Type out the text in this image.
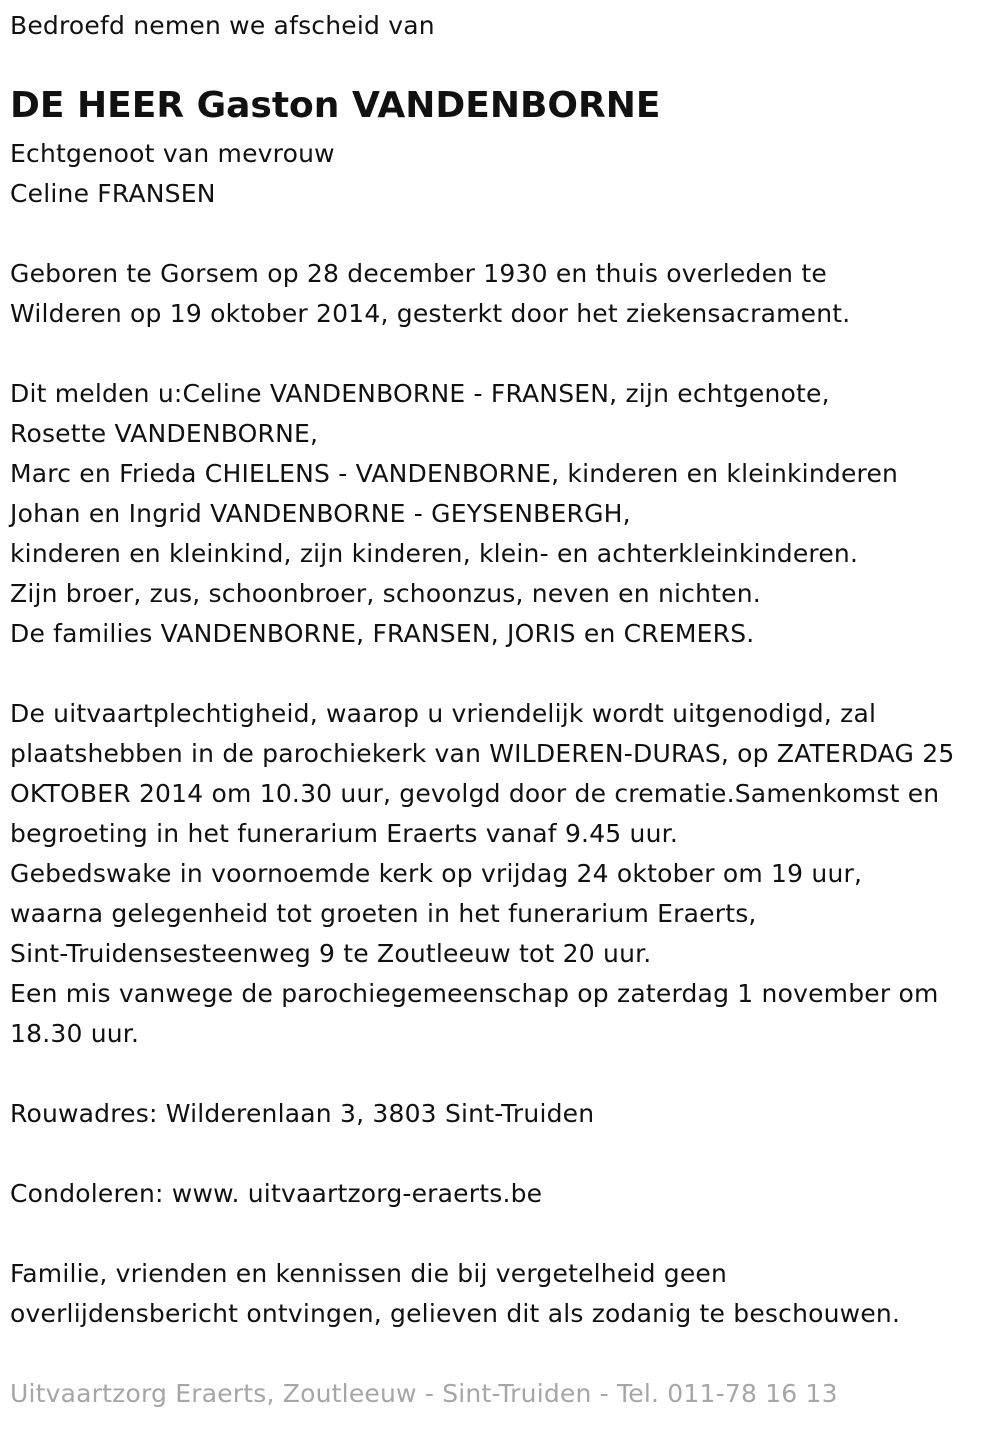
Bedroefd nemen we afscheid van
DE HEER Gaston VANDENBORNE
Echtgenoot van mevrouw
Celine FRANSEN
Geboren te Gorsem op 28 december 1930 en thuis overleden te
Wilderen op 19 oktober 2014, gesterkt door het ziekensacrament.
Dit melden u:Celine VANDENBORNE - FRANSEN, zijn echtgenote,
Rosette VANDENBORNE,
Marc en Frieda CHIELENS - VANDENBORNE, kinderen en kleinkinderen
Johan en Ingrid VANDENBORNE - GEYSENBERGH,
kinderen en kleinkind, zijn kinderen, klein- en achterkleinkinderen.
Zijn broer, zus, schoonbroer, schoonzus, neven en nichten.
De families VANDENBORNE, FRANSEN, JORIS en CREMERS.
De uitvaartplechtigheid, waarop u vriendelijk wordt uitgenodigd, zal
plaatshebben in de parochiekerk van WILDEREN-DURAS, op ZATERDAG 25
OKTOBER 2014 om 10.30 uur, gevolgd door de crematie.Samenkomst en
begroeting in het funerarium Eraerts vanaf 9.45 uur.
Gebedswake in voornoemde kerk op vrijdag 24 oktober om 19 uur,
waarna gelegenheid tot groeten in het funerarium Eraerts,
Sint-Truidensesteenweg 9 te Zoutleeuw tot 20 uur.
Een mis vanwege de parochiegemeenschap op zaterdag 1 november om
18.30 uur.
Rouwadres: Wilderenlaan 3, 3803 Sint-Truiden
Condoleren: www. uitvaartzorg-eraerts.be
Familie, vrienden en kennissen die bij vergetelheid geen
overlijdensbericht ontvingen, gelieven dit als zodanig te beschouwen.
Uitvaartzorg Eraerts, Zoutleeuw - Sint-Truiden - Tel. 011-78 16 13
